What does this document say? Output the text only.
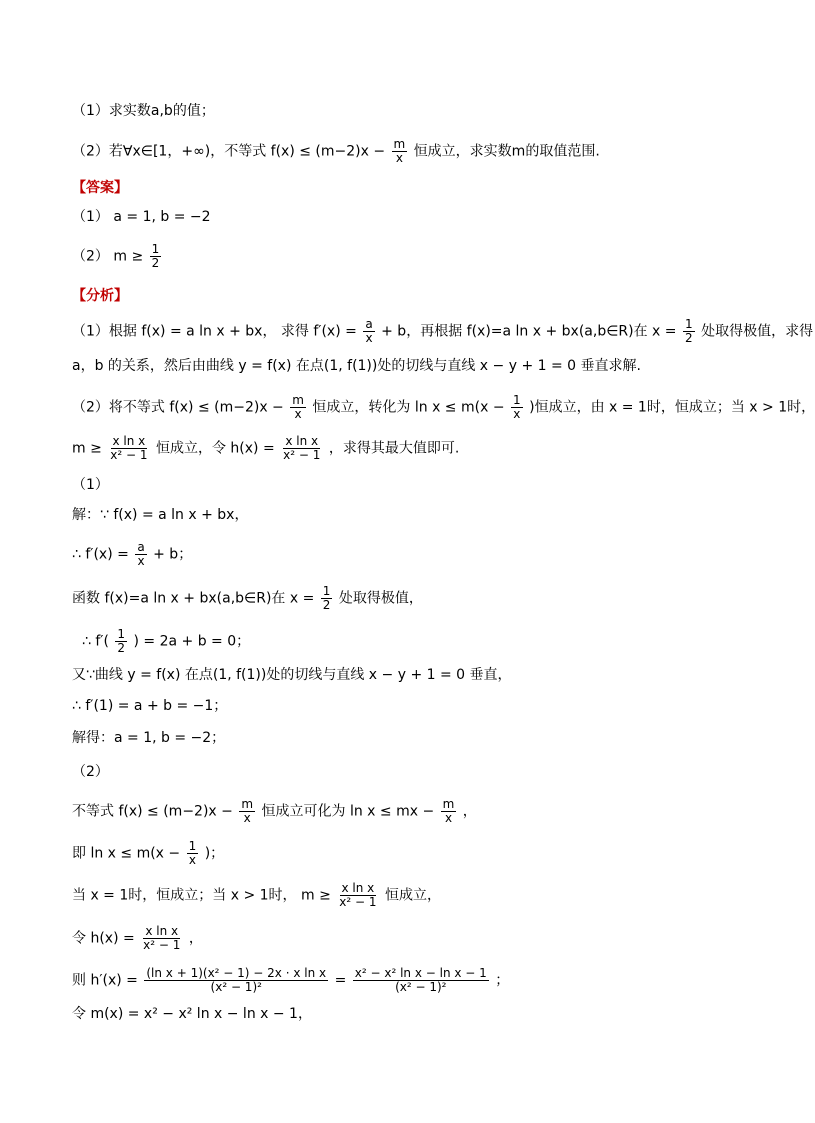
（1）求实数a,b的值；
（2）若∀x∈[1，+∞)，不等式 $f(x) \le (m-2)x - \frac{m}{x}$ 恒成立，求实数m的取值范围.
【答案】
（1） a = 1, b = −2
（2） $m \ge \frac{1}{2}$
【分析】
（1）根据 f(x) = a ln x + bx， 求得 $f'(x) = \frac{a}{x} + b$，再根据 f(x)=a ln x + bx(a,b∈R)在 $x = \frac{1}{2}$ 处取得极值，求得
a，b 的关系，然后由曲线 y = f(x) 在点(1, f(1))处的切线与直线 x − y + 1 = 0 垂直求解.
（2）将不等式 $f(x) \le (m-2)x - \frac{m}{x}$ 恒成立，转化为 $\ln x \le m(x - \frac{1}{x}$ )恒成立，由 x = 1时，恒成立；当 x > 1时，
$m \ge \frac{\text{x ln x}}{\text{x² − 1}}$ 恒成立，令 $h(x) = \frac{\text{x ln x}}{\text{x² − 1}}$ ，求得其最大值即可.
（1）
解：∵ f(x) = a ln x + bx，
∴ $f'(x) = \frac{a}{x} + b$；
函数 f(x)=a ln x + bx(a,b∈R)在 $x = \frac{1}{2}$ 处取得极值，
∴ $f'( \frac{1}{2}$ ) = 2a + b = 0；
又∵曲线 y = f(x) 在点(1, f(1))处的切线与直线 x − y + 1 = 0 垂直，
∴ f′(1) = a + b = −1；
解得：a = 1, b = −2；
（2）
不等式 $f(x) \le (m-2)x - \frac{m}{x}$ 恒成立可化为 ln x ≤ mx − $\frac{m}{x}$ ，
即 $\ln x \le m(x - \frac{1}{x}$ )；
当 x = 1时，恒成立；当 x > 1时， $m \ge \frac{\text{x ln x}}{\text{x² − 1}}$ 恒成立，
令 $h(x) = \frac{\text{x ln x}}{\text{x² − 1}}$ ，
则 $h'(x) = \frac{\text{(ln x + 1)(x² − 1) − 2x · x ln x}}{\text{(x² − 1)²}} = \frac{\text{x² − x² ln x − ln x − 1}}{\text{(x² − 1)²}}$ ；
令 m(x) = x² − x² ln x − ln x − 1，
